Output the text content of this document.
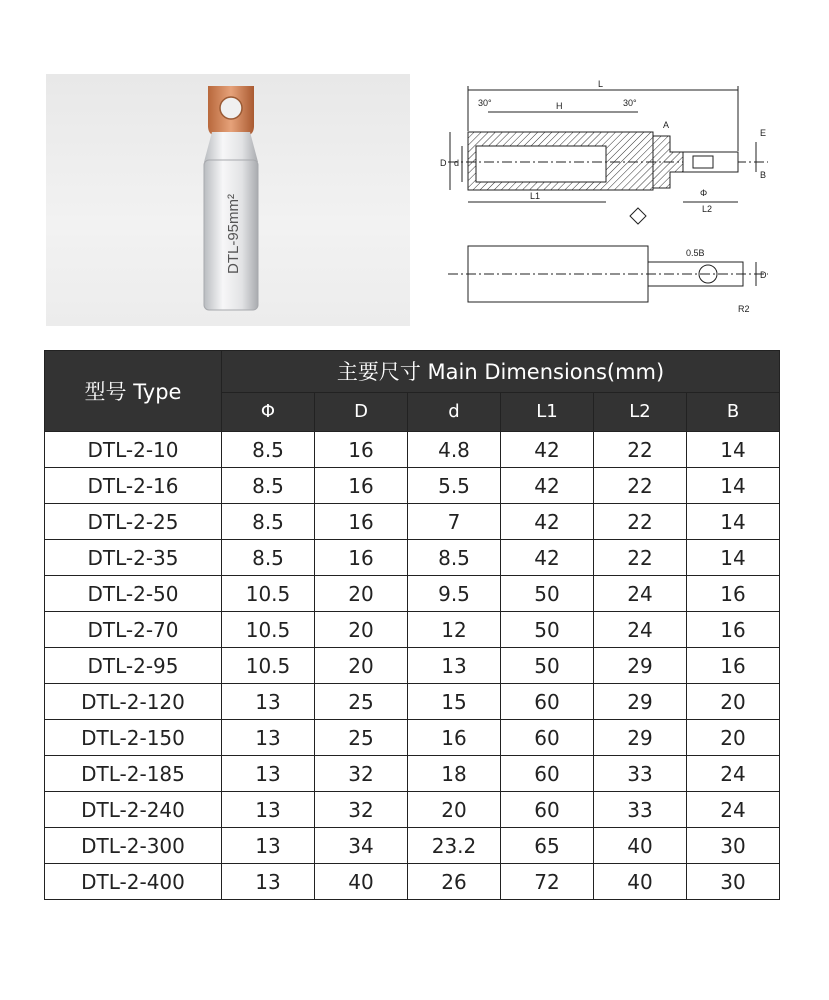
DTL-95mm²
L
H
30°	30°
A
E
D d
Φ
L1
L2
B
0.5B
R2
D
型号 Type	主要尺寸 Main Dimensions(mm)					
	Φ	D	d	L1	L2	B
DTL-2-10	8.5	16	4.8	42	22	14
DTL-2-16	8.5	16	5.5	42	22	14
DTL-2-25	8.5	16	7	42	22	14
DTL-2-35	8.5	16	8.5	42	22	14
DTL-2-50	10.5	20	9.5	50	24	16
DTL-2-70	10.5	20	12	50	24	16
DTL-2-95	10.5	20	13	50	29	16
DTL-2-120	13	25	15	60	29	20
DTL-2-150	13	25	16	60	29	20
DTL-2-185	13	32	18	60	33	24
DTL-2-240	13	32	20	60	33	24
DTL-2-300	13	34	23.2	65	40	30
DTL-2-400	13	40	26	72	40	30
